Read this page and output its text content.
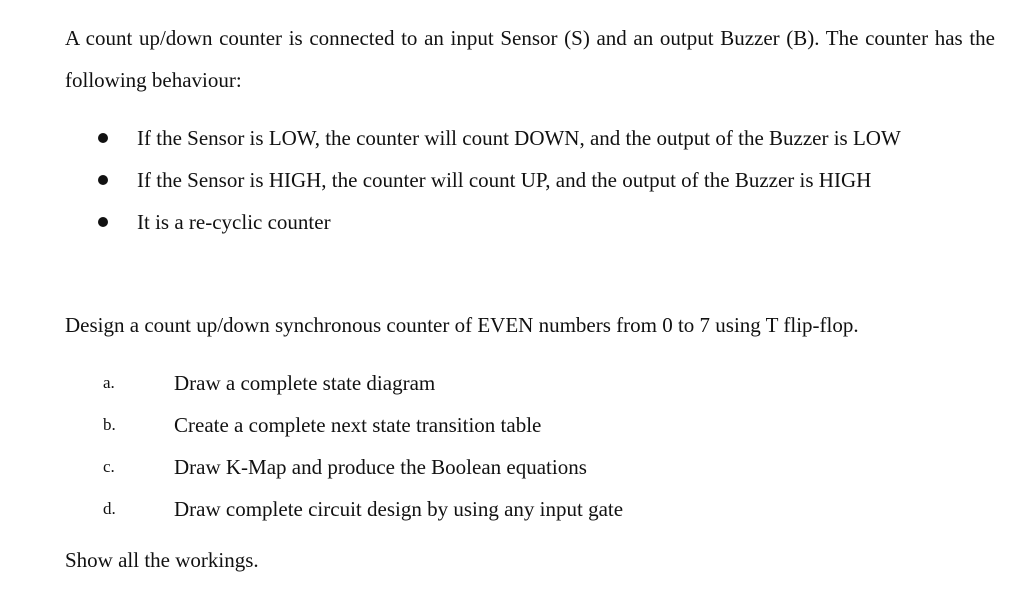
A count up/down counter is connected to an input Sensor (S) and an output Buzzer (B). The counter has the following behaviour:

If the Sensor is LOW, the counter will count DOWN, and the output of the Buzzer is LOW
If the Sensor is HIGH, the counter will count UP, and the output of the Buzzer is HIGH
It is a re-cyclic counter

Design a count up/down synchronous counter of EVEN numbers from 0 to 7 using T flip-flop.

a.	Draw a complete state diagram
b.	Create a complete next state transition table
c.	Draw K-Map and produce the Boolean equations
d.	Draw complete circuit design by using any input gate

Show all the workings.
